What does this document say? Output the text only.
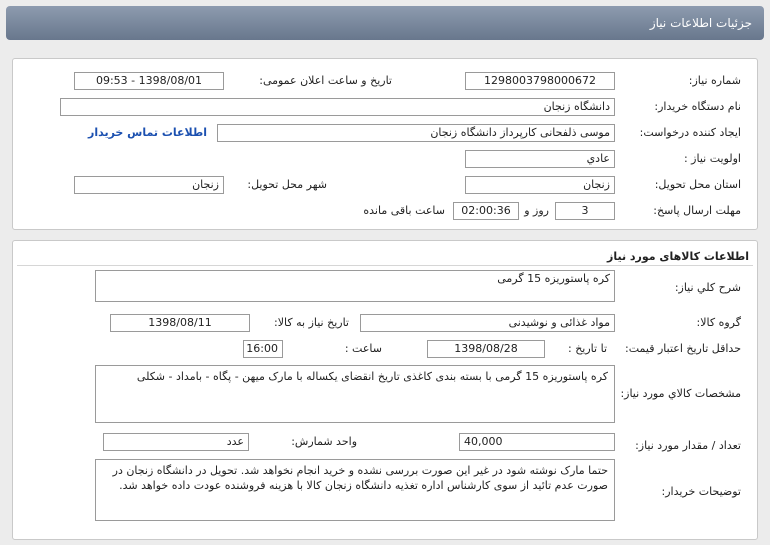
جزئیات اطلاعات نیاز
شماره نیاز:
1298003798000672
تاریخ و ساعت اعلان عمومی:
1398/08/01 - 09:53
نام دستگاه خریدار:
دانشگاه زنجان
ایجاد کننده درخواست:
موسی ذلفحانی کارپرداز دانشگاه زنجان
اطلاعات تماس خریدار
اولویت نیاز :
عادي
استان محل تحویل:
زنجان
شهر محل تحویل:
زنجان
مهلت ارسال پاسخ:
3
روز و
02:00:36
ساعت باقی مانده
اطلاعات کالاهای مورد نیاز
شرح کلي نیاز:
کره پاستوریزه 15 گرمی
گروه کالا:
مواد غذائی و نوشیدنی
تاریخ نیاز به کالا:
1398/08/11
حداقل تاریخ اعتبار قیمت:
تا تاریخ :
1398/08/28
ساعت :
16:00
مشخصات کالاي مورد نیاز:
کره پاستوریزه 15 گرمی با بسته بندی کاغذی تاریخ انقضای یکساله با مارک میهن - پگاه - بامداد - شکلی
تعداد / مقدار مورد نیاز:
40,000
واحد شمارش:
عدد
توضیحات خریدار:
حتما مارک نوشته شود در غیر این صورت بررسی نشده و خرید انجام نخواهد شد. تحویل در دانشگاه زنجان در صورت عدم تائید از سوی کارشناس اداره تغذیه دانشگاه زنجان کالا با هزینه فروشنده عودت داده خواهد شد.
